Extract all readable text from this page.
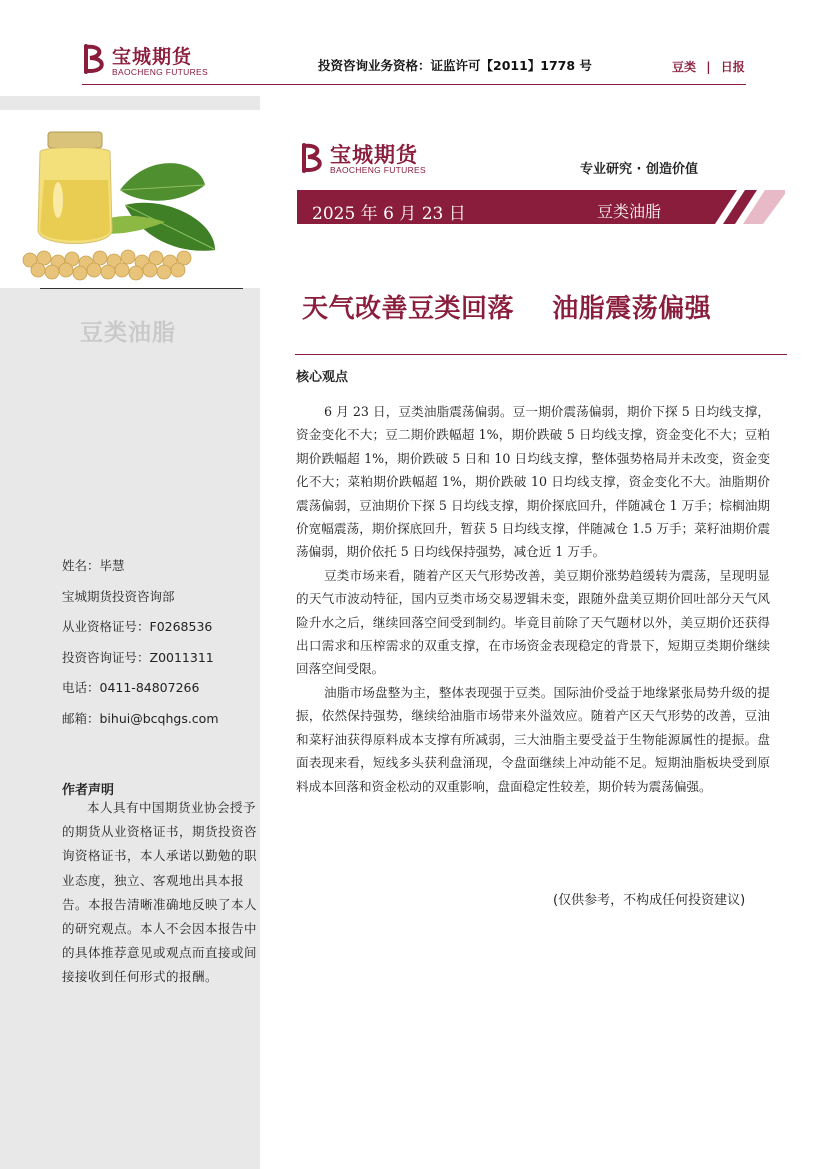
宝城期货
BAOCHENG FUTURES	投资咨询业务资格：证监许可【2011】1778 号	豆类 | 日报
豆类油脂
姓名：毕慧
宝城期货投资咨询部
从业资格证号：F0268536
投资咨询证号：Z0011311
电话：0411-84807266
邮箱：bihui@bcqhgs.com
作者声明
本人具有中国期货业协会授予的期货从业资格证书，期货投资咨询资格证书，本人承诺以勤勉的职业态度，独立、客观地出具本报告。本报告清晰准确地反映了本人的研究观点。本人不会因本报告中的具体推荐意见或观点而直接或间接接收到任何形式的报酬。
宝城期货
BAOCHENG FUTURES	专业研究 · 创造价值
2025 年 6 月 23 日	豆类油脂
天气改善豆类回落    油脂震荡偏强
核心观点

6 月 23 日，豆类油脂震荡偏弱。豆一期价震荡偏弱，期价下探 5 日均线支撑，资金变化不大；豆二期价跌幅超 1%，期价跌破 5 日均线支撑，资金变化不大；豆粕期价跌幅超 1%，期价跌破 5 日和 10 日均线支撑，整体强势格局并未改变，资金变化不大；菜粕期价跌幅超 1%，期价跌破 10 日均线支撑，资金变化不大。油脂期价震荡偏弱，豆油期价下探 5 日均线支撑，期价探底回升，伴随减仓 1 万手；棕榈油期价宽幅震荡，期价探底回升，暂获 5 日均线支撑，伴随减仓 1.5 万手；菜籽油期价震荡偏弱，期价依托 5 日均线保持强势，减仓近 1 万手。

豆类市场来看，随着产区天气形势改善，美豆期价涨势趋缓转为震荡，呈现明显的天气市波动特征，国内豆类市场交易逻辑未变，跟随外盘美豆期价回吐部分天气风险升水之后，继续回落空间受到制约。毕竟目前除了天气题材以外，美豆期价还获得出口需求和压榨需求的双重支撑，在市场资金表现稳定的背景下，短期豆类期价继续回落空间受限。

油脂市场盘整为主，整体表现强于豆类。国际油价受益于地缘紧张局势升级的提振，依然保持强势，继续给油脂市场带来外溢效应。随着产区天气形势的改善，豆油和菜籽油获得原料成本支撑有所减弱，三大油脂主要受益于生物能源属性的提振。盘面表现来看，短线多头获利盘涌现，令盘面继续上冲动能不足。短期油脂板块受到原料成本回落和资金松动的双重影响，盘面稳定性较差，期价转为震荡偏强。

(仅供参考，不构成任何投资建议)
